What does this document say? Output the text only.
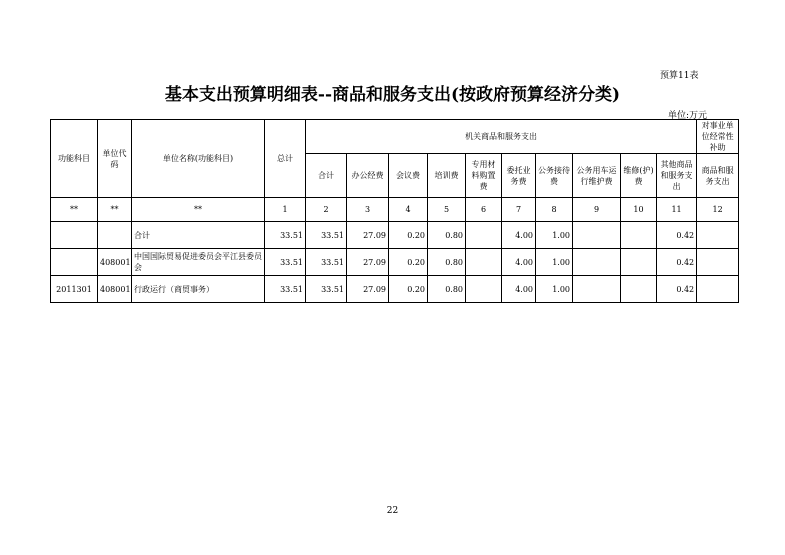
预算11表
基本支出预算明细表--商品和服务支出(按政府预算经济分类)
单位:万元
功能科目	单位代码	单位名称(功能科目)	总计	机关商品和服务支出										对事业单位经常性补助
				合计	办公经费	会议费	培训费	专用材料购置费	委托业务费	公务接待费	公务用车运行维护费	维修(护)费	其他商品和服务支出	商品和服务支出
**	**	**	1	2	3	4	5	6	7	8	9	10	11	12
		合计	33.51	33.51	27.09	0.20	0.80		4.00	1.00			0.42	
	408001	中国国际贸易促进委员会平江县委员会	33.51	33.51	27.09	0.20	0.80		4.00	1.00			0.42	
2011301	408001	行政运行（商贸事务）	33.51	33.51	27.09	0.20	0.80		4.00	1.00			0.42	
22
